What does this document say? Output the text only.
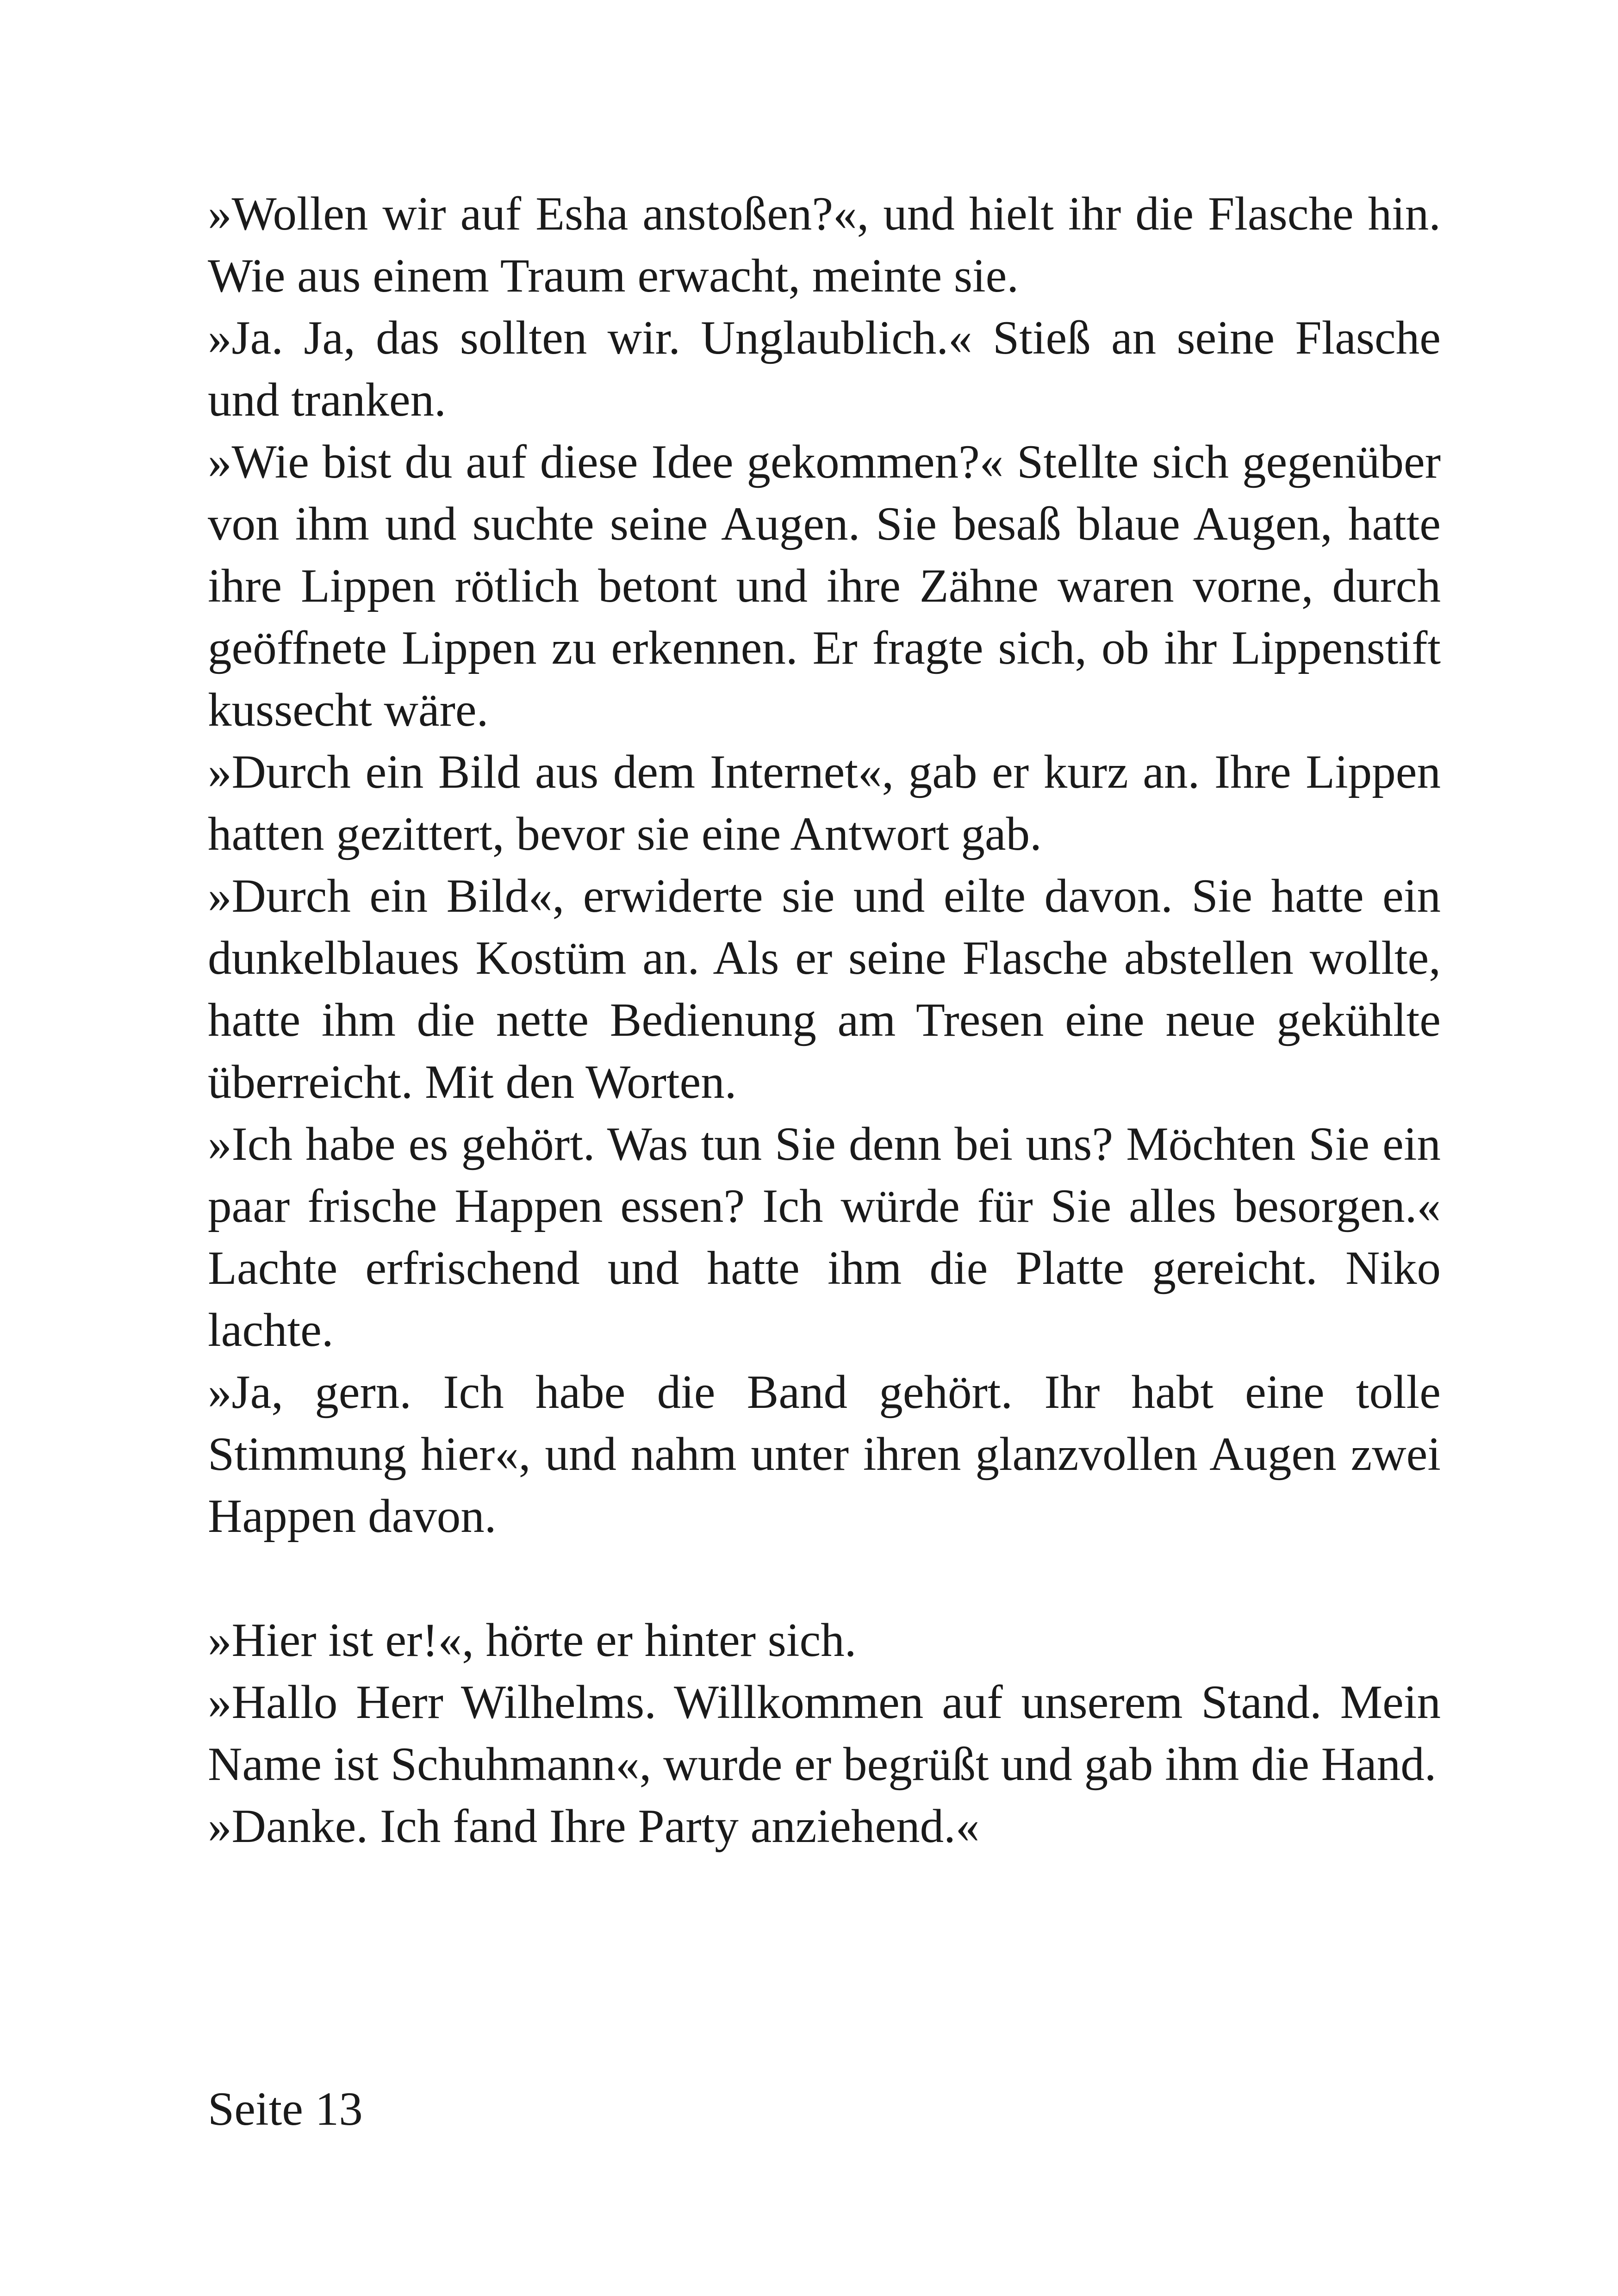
»Wollen wir auf Esha anstoßen?«, und hielt ihr die Flasche hin. Wie aus einem Traum erwacht, meinte sie.

»Ja. Ja, das sollten wir. Unglaublich.« Stieß an seine Flasche und tranken.

»Wie bist du auf diese Idee gekommen?« Stellte sich gegenüber von ihm und suchte seine Augen. Sie besaß blaue Augen, hatte ihre Lippen rötlich betont und ihre Zähne waren vorne, durch geöffnete Lippen zu erkennen. Er fragte sich, ob ihr Lippenstift kussecht wäre.

»Durch ein Bild aus dem Internet«, gab er kurz an. Ihre Lippen hatten gezittert, bevor sie eine Antwort gab.

»Durch ein Bild«, erwiderte sie und eilte davon. Sie hatte ein dunkelblaues Kostüm an. Als er seine Flasche abstellen wollte, hatte ihm die nette Bedienung am Tresen eine neue gekühlte überreicht. Mit den Worten.

»Ich habe es gehört. Was tun Sie denn bei uns? Möchten Sie ein paar frische Happen essen? Ich würde für Sie alles besorgen.« Lachte erfrischend und hatte ihm die Platte gereicht. Niko lachte.

»Ja, gern. Ich habe die Band gehört. Ihr habt eine tolle Stimmung hier«, und nahm unter ihren glanzvollen Augen zwei Happen davon.

»Hier ist er!«, hörte er hinter sich.

»Hallo Herr Wilhelms. Willkommen auf unserem Stand. Mein Name ist Schuhmann«, wurde er begrüßt und gab ihm die Hand.

»Danke. Ich fand Ihre Party anziehend.«

Seite 13
